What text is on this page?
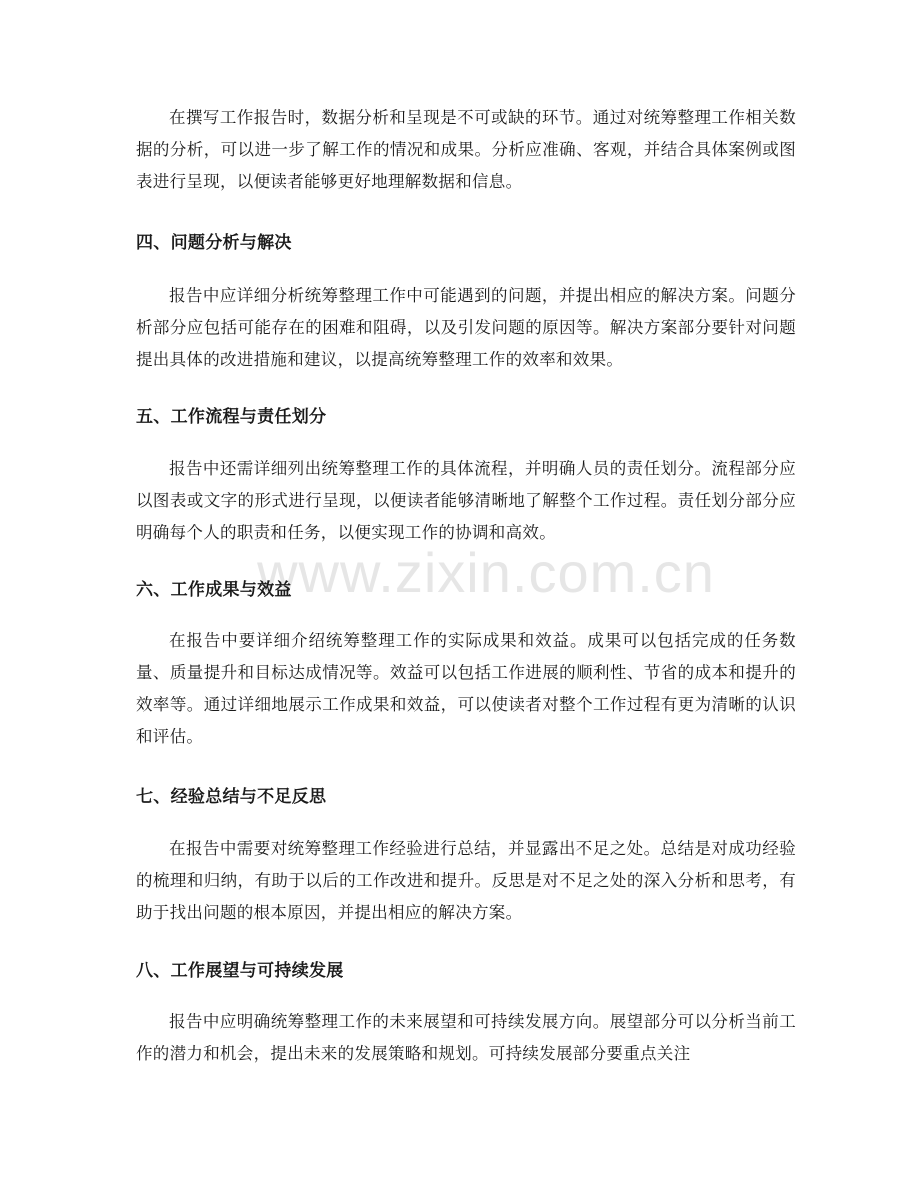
www.zixin.com.cn

在撰写工作报告时，数据分析和呈现是不可或缺的环节。通过对统筹整理工作相关数据的分析，可以进一步了解工作的情况和成果。分析应准确、客观，并结合具体案例或图表进行呈现，以便读者能够更好地理解数据和信息。

四、问题分析与解决

报告中应详细分析统筹整理工作中可能遇到的问题，并提出相应的解决方案。问题分析部分应包括可能存在的困难和阻碍，以及引发问题的原因等。解决方案部分要针对问题提出具体的改进措施和建议，以提高统筹整理工作的效率和效果。

五、工作流程与责任划分

报告中还需详细列出统筹整理工作的具体流程，并明确人员的责任划分。流程部分应以图表或文字的形式进行呈现，以便读者能够清晰地了解整个工作过程。责任划分部分应明确每个人的职责和任务，以便实现工作的协调和高效。

六、工作成果与效益

在报告中要详细介绍统筹整理工作的实际成果和效益。成果可以包括完成的任务数量、质量提升和目标达成情况等。效益可以包括工作进展的顺利性、节省的成本和提升的效率等。通过详细地展示工作成果和效益，可以使读者对整个工作过程有更为清晰的认识和评估。

七、经验总结与不足反思

在报告中需要对统筹整理工作经验进行总结，并显露出不足之处。总结是对成功经验的梳理和归纳，有助于以后的工作改进和提升。反思是对不足之处的深入分析和思考，有助于找出问题的根本原因，并提出相应的解决方案。

八、工作展望与可持续发展

报告中应明确统筹整理工作的未来展望和可持续发展方向。展望部分可以分析当前工作的潜力和机会，提出未来的发展策略和规划。可持续发展部分要重点关注
